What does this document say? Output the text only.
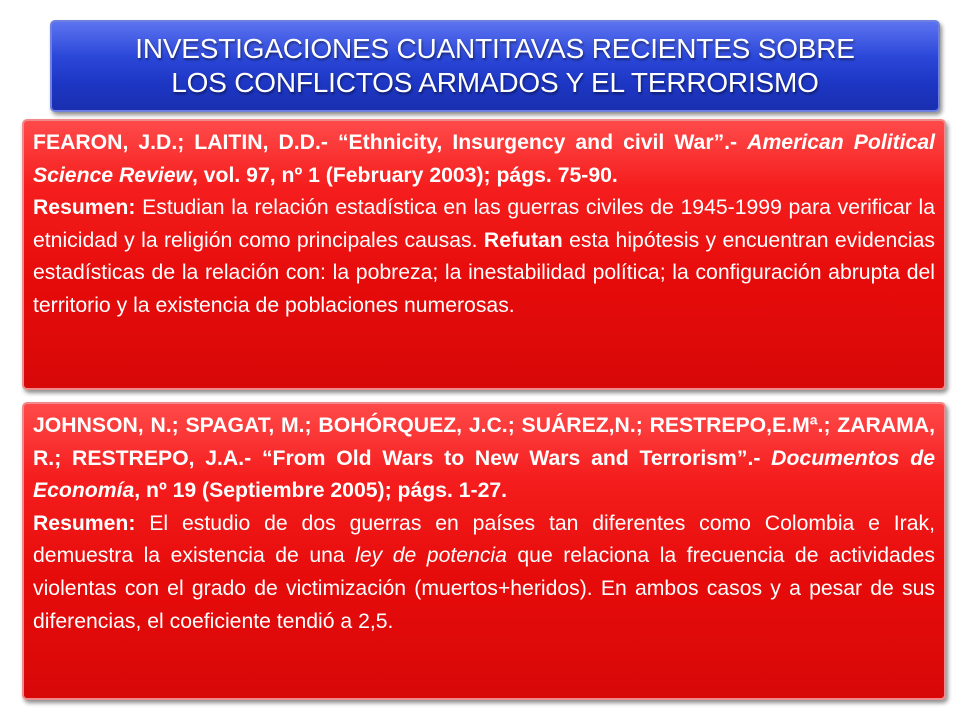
INVESTIGACIONES CUANTITAVAS RECIENTES SOBRE
LOS CONFLICTOS ARMADOS Y EL TERRORISMO

FEARON, J.D.; LAITIN, D.D.- “Ethnicity, Insurgency and civil War”.- American Political Science Review, vol. 97, nº 1 (February 2003); págs. 75-90.

Resumen: Estudian la relación estadística en las guerras civiles de 1945-1999 para verificar la etnicidad y la religión como principales causas. Refutan esta hipótesis y encuentran evidencias estadísticas de la relación con: la pobreza; la inestabilidad política; la configuración abrupta del territorio y la existencia de poblaciones numerosas.

JOHNSON, N.; SPAGAT, M.; BOHÓRQUEZ, J.C.; SUÁREZ,N.; RESTREPO,E.Mª.; ZARAMA, R.; RESTREPO, J.A.- “From Old Wars to New Wars and Terrorism”.- Documentos de Economía, nº 19 (Septiembre 2005); págs. 1-27.

Resumen: El estudio de dos guerras en países tan diferentes como Colombia e Irak, demuestra la existencia de una ley de potencia que relaciona la frecuencia de actividades violentas con el grado de victimización (muertos+heridos). En ambos casos y a pesar de sus diferencias, el coeficiente tendió a 2,5.
